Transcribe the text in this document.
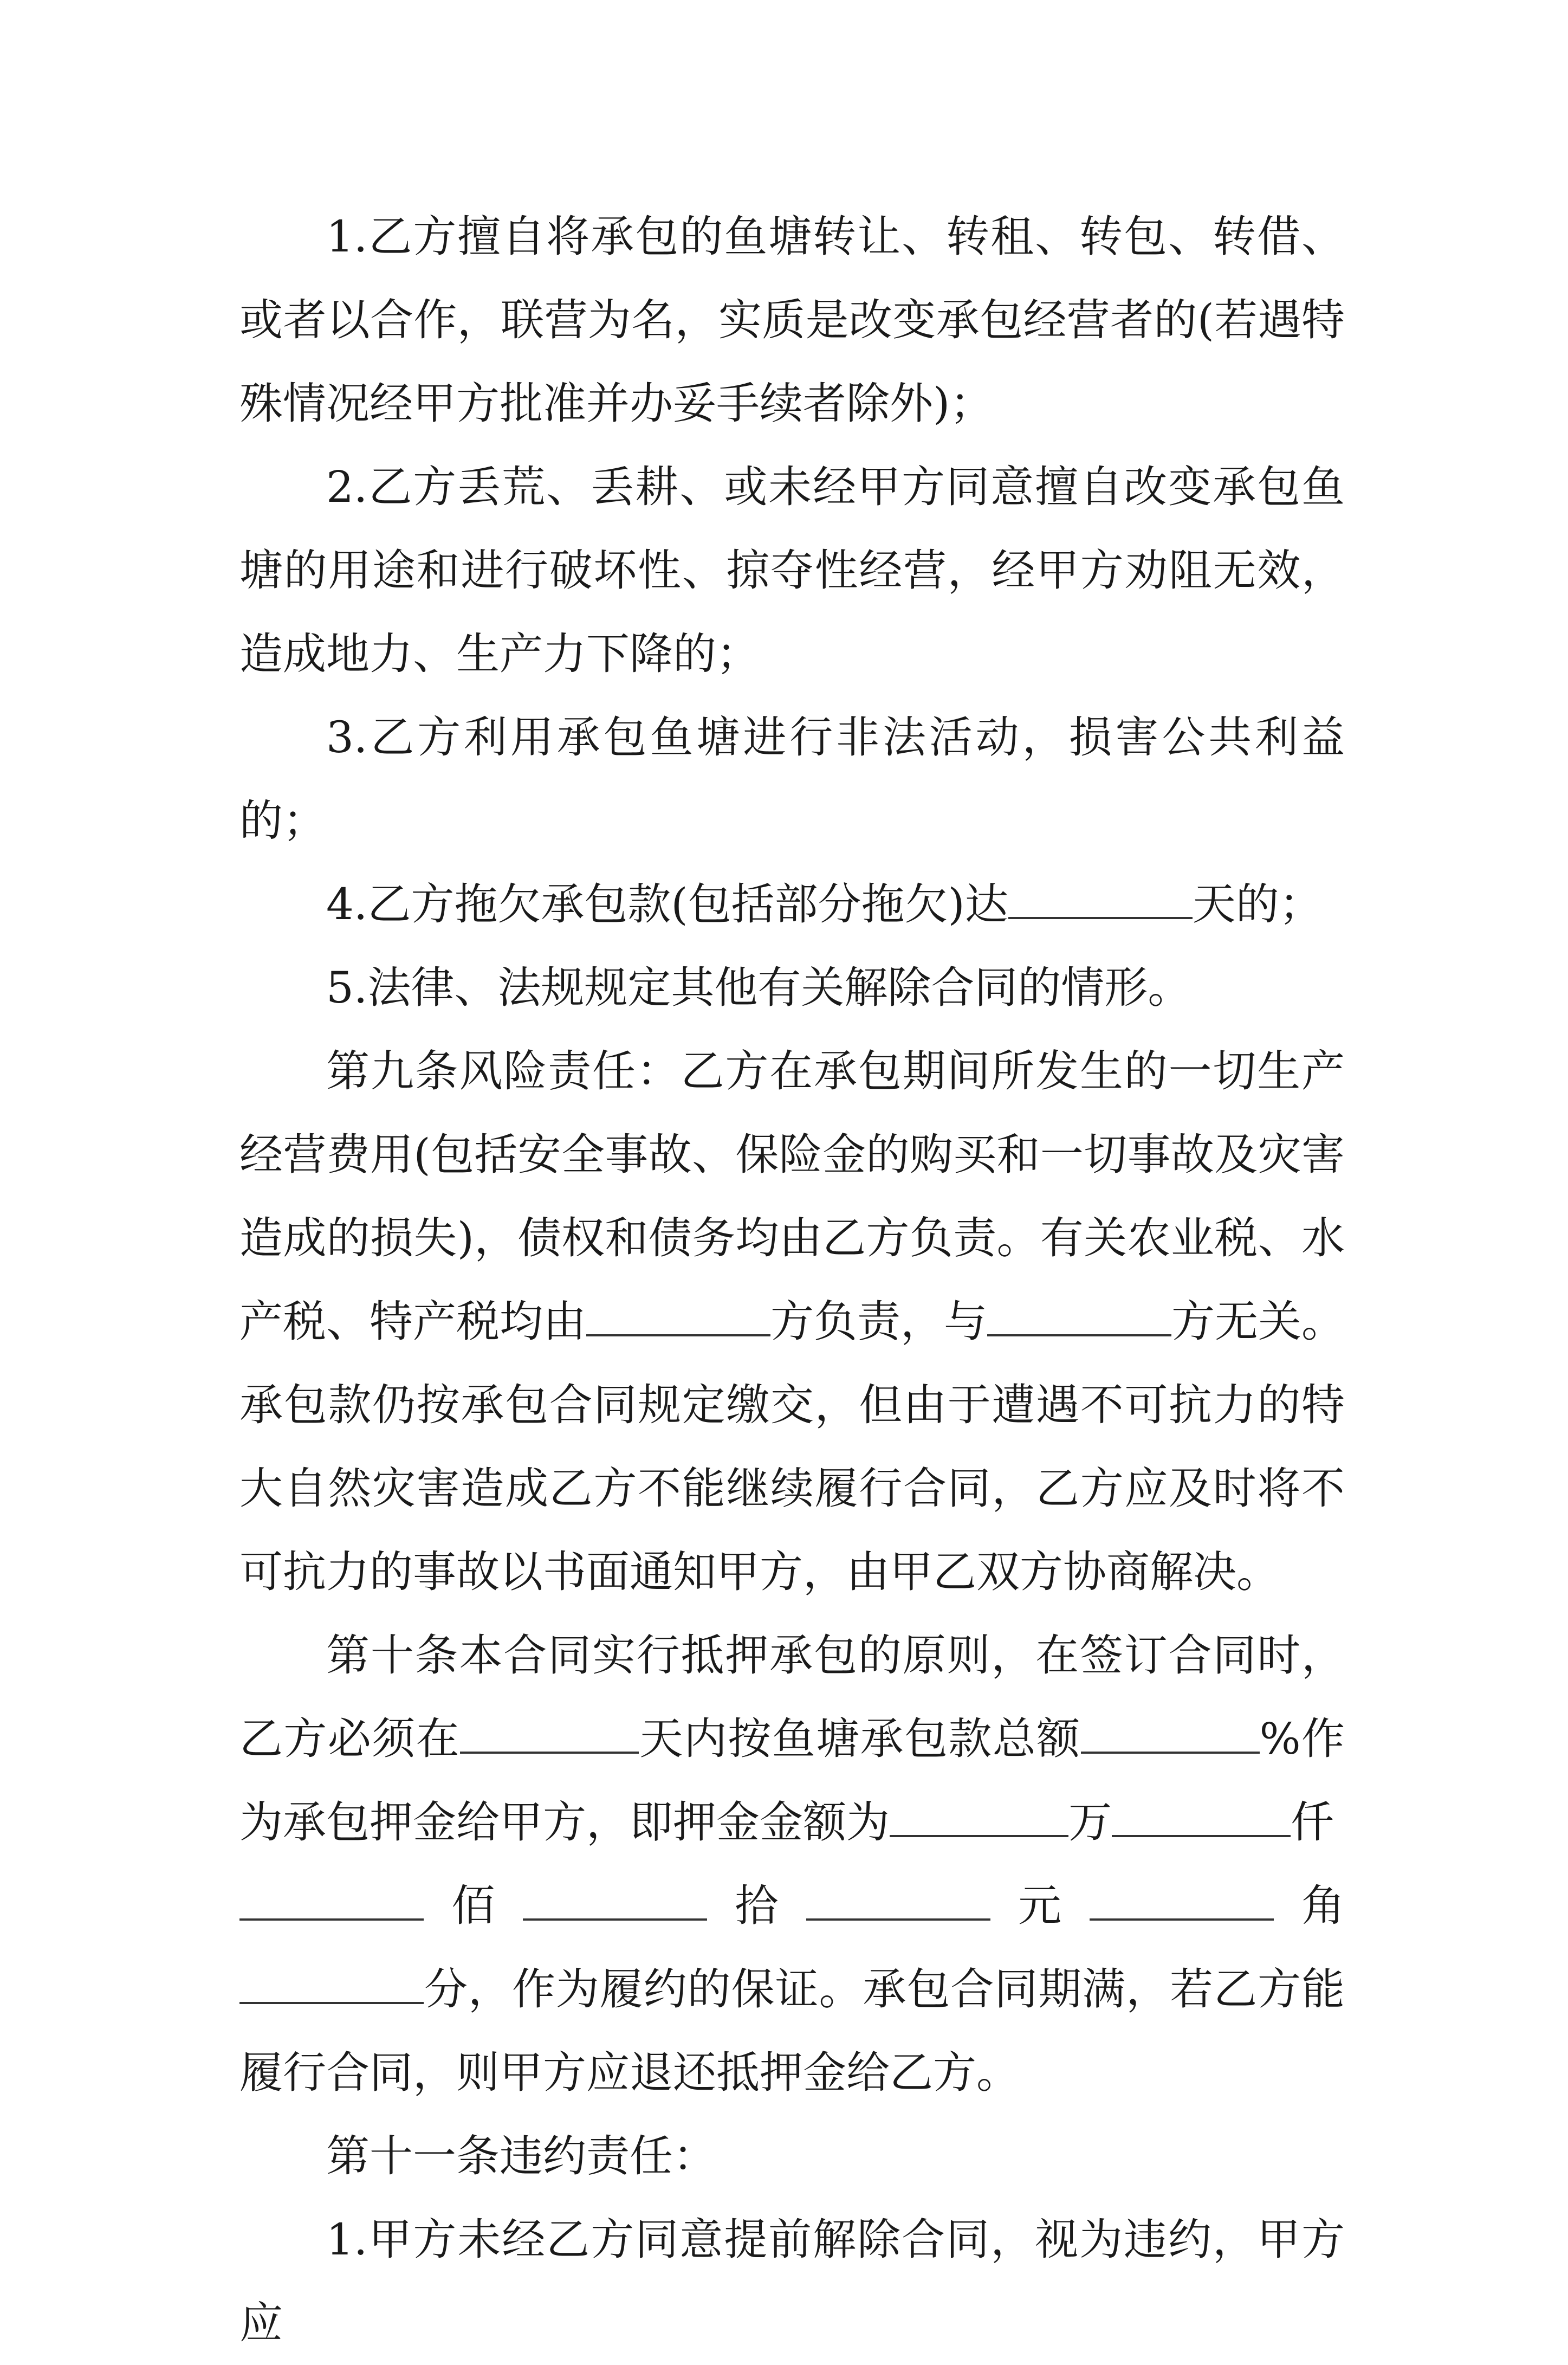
1.乙方擅自将承包的鱼塘转让、转租、转包、转借、或者以合作，联营为名，实质是改变承包经营者的(若遇特殊情况经甲方批准并办妥手续者除外)；

2.乙方丢荒、丢耕、或未经甲方同意擅自改变承包鱼塘的用途和进行破坏性、掠夺性经营，经甲方劝阻无效，造成地力、生产力下降的；

3.乙方利用承包鱼塘进行非法活动，损害公共利益的；

4.乙方拖欠承包款(包括部分拖欠)达	天的；

5.法律、法规规定其他有关解除合同的情形。

第九条风险责任：乙方在承包期间所发生的一切生产经营费用(包括安全事故、保险金的购买和一切事故及灾害造成的损失)，债权和债务均由乙方负责。有关农业税、水产税、特产税均由	方负责，与	方无关。承包款仍按承包合同规定缴交，但由于遭遇不可抗力的特大自然灾害造成乙方不能继续履行合同，乙方应及时将不可抗力的事故以书面通知甲方，由甲乙双方协商解决。

第十条本合同实行抵押承包的原则，在签订合同时，乙方必须在	天内按鱼塘承包款总额	%作为承包押金给甲方，即押金金额为	万	仟

佰	拾	元	角

分，作为履约的保证。承包合同期满，若乙方能履行合同，则甲方应退还抵押金给乙方。

第十一条违约责任：

1.甲方未经乙方同意提前解除合同，视为违约，甲方应
